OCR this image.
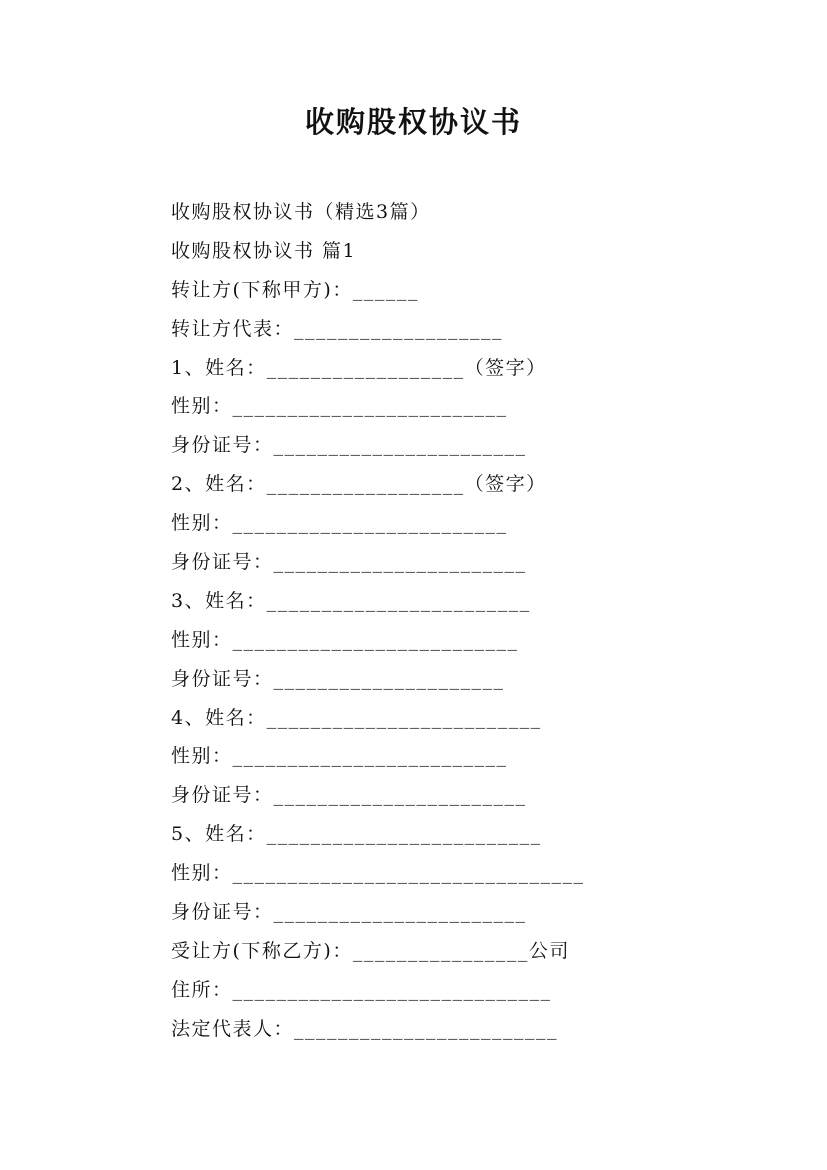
收购股权协议书
收购股权协议书（精选3篇）
收购股权协议书 篇1
转让方(下称甲方)：______
转让方代表：___________________
1、姓名：__________________（签字）
性别：_________________________
身份证号：_______________________
2、姓名：__________________（签字）
性别：_________________________
身份证号：_______________________
3、姓名：________________________
性别：__________________________
身份证号：_____________________
4、姓名：_________________________
性别：_________________________
身份证号：_______________________
5、姓名：_________________________
性别：________________________________
身份证号：_______________________
受让方(下称乙方)：________________公司
住所：_____________________________
法定代表人：________________________
